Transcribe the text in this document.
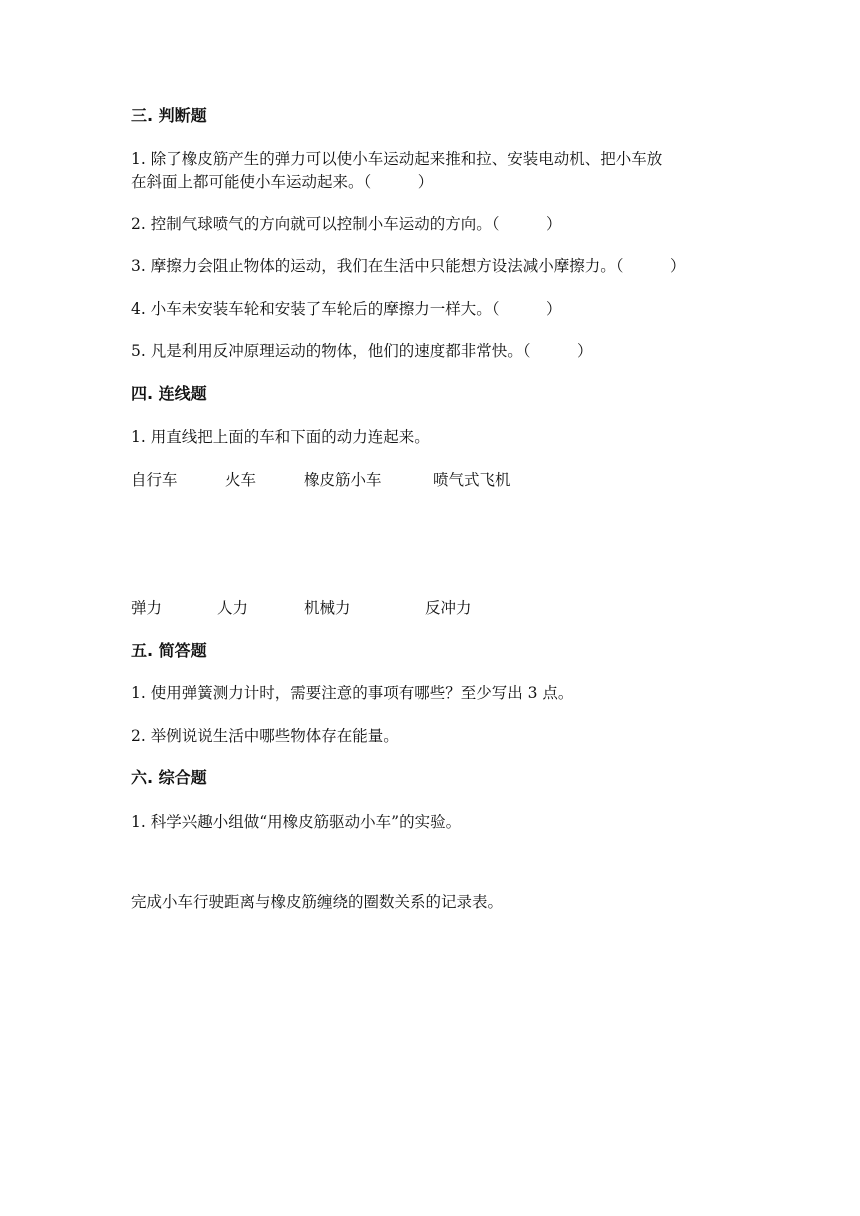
三. 判断题
1. 除了橡皮筋产生的弹力可以使小车运动起来推和拉、安装电动机、把小车放
在斜面上都可能使小车运动起来。（　　　）
2. 控制气球喷气的方向就可以控制小车运动的方向。（　　　）
3. 摩擦力会阻止物体的运动，我们在生活中只能想方设法减小摩擦力。（　　　）
4. 小车未安装车轮和安装了车轮后的摩擦力一样大。（　　　）
5. 凡是利用反冲原理运动的物体，他们的速度都非常快。（　　　）
四. 连线题
1. 用直线把上面的车和下面的动力连起来。
自行车	火车	橡皮筋小车	喷气式飞机
弹力	人力	机械力	反冲力
五. 简答题
1. 使用弹簧测力计时，需要注意的事项有哪些？至少写出 3 点。
2. 举例说说生活中哪些物体存在能量。
六. 综合题
1. 科学兴趣小组做“用橡皮筋驱动小车”的实验。
完成小车行驶距离与橡皮筋缠绕的圈数关系的记录表。
